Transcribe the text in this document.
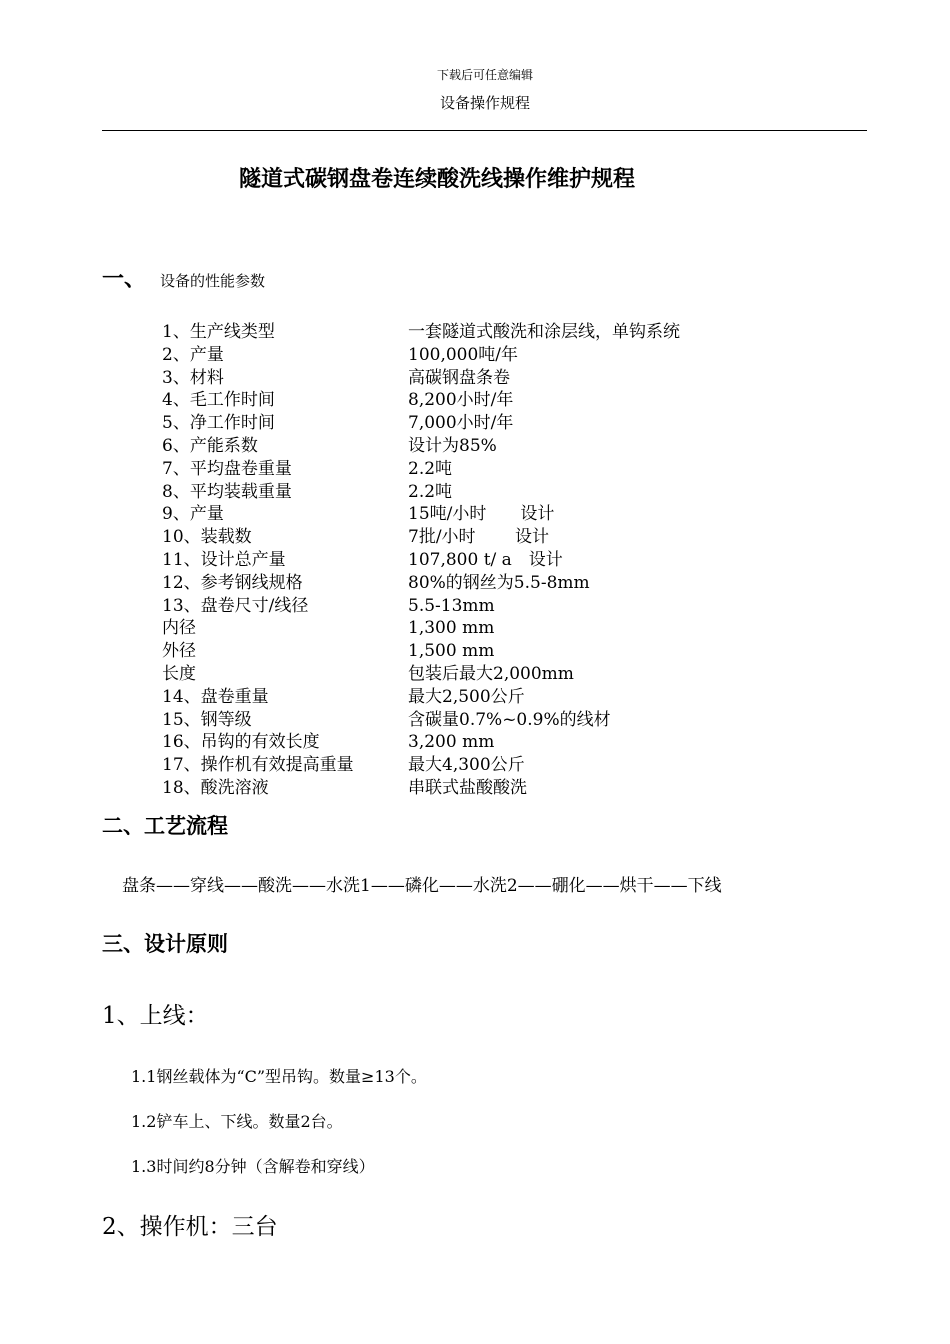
下载后可任意编辑
设备操作规程
隧道式碳钢盘卷连续酸洗线操作维护规程
一、 设备的性能参数
1、生产线类型	一套隧道式酸洗和涂层线，单钩系统
2、产量	100,000吨/年
3、材料	高碳钢盘条卷
4、毛工作时间	8,200小时/年
5、净工作时间	7,000小时/年
6、产能系数	设计为85%
7、平均盘卷重量	2.2吨
8、平均装载重量	2.2吨
9、产量	15吨/小时　　设计
10、装载数	7批/小时　　 设计
11、设计总产量	107,800 t/ a　设计
12、参考钢线规格	80%的钢丝为5.5-8mm
13、盘卷尺寸/线径	5.5-13mm
内径	1,300 mm
外径	1,500 mm
长度	包装后最大2,000mm
14、盘卷重量	最大2,500公斤
15、钢等级	含碳量0.7%~0.9%的线材
16、吊钩的有效长度	3,200 mm
17、操作机有效提高重量	最大4,300公斤
18、酸洗溶液	串联式盐酸酸洗
二、工艺流程
盘条——穿线——酸洗——水洗1——磷化——水洗2——硼化——烘干——下线
三、设计原则
1、上线：
1.1钢丝载体为“C”型吊钩。数量≥13个。
1.2铲车上、下线。数量2台。
1.3时间约8分钟（含解卷和穿线）
2、操作机：三台
